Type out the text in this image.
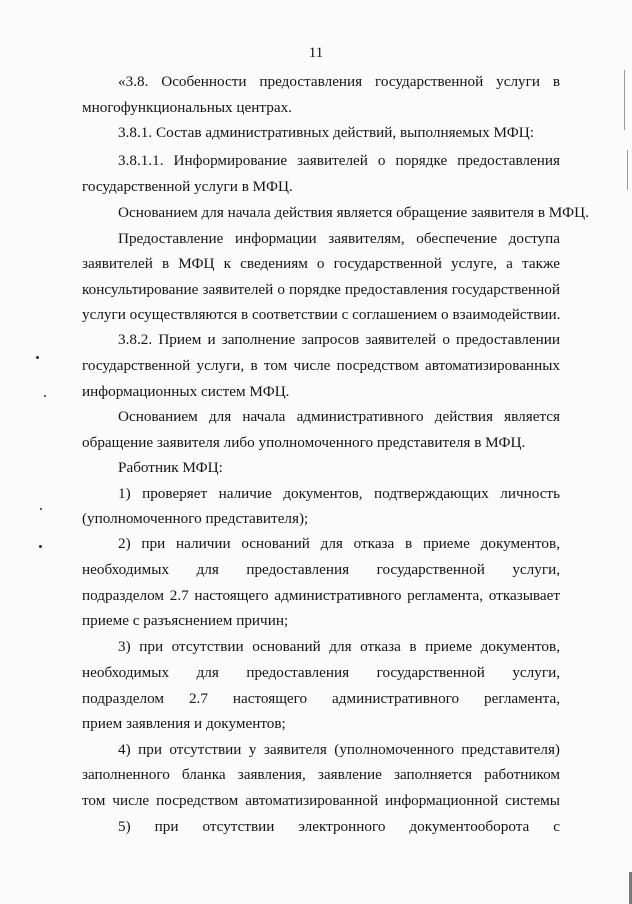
11
«3.8. Особенности предоставления государственной услуги в
многофункциональных центрах.
3.8.1. Состав административных действий, выполняемых МФЦ:
3.8.1.1. Информирование заявителей о порядке предоставления
государственной услуги в МФЦ.
Основанием для начала действия является обращение заявителя в МФЦ.
Предоставление информации заявителям, обеспечение доступа
заявителей в МФЦ к сведениям о государственной услуге, а также
консультирование заявителей о порядке предоставления государственной
услуги осуществляются в соответствии с соглашением о взаимодействии.
3.8.2. Прием и заполнение запросов заявителей о предоставлении
государственной услуги, в том числе посредством автоматизированных
информационных систем МФЦ.
Основанием для начала административного действия является
обращение заявителя либо уполномоченного представителя в МФЦ.
Работник МФЦ:
1) проверяет наличие документов, подтверждающих личность
(уполномоченного представителя);
2) при наличии оснований для отказа в приеме документов,
необходимых для предоставления государственной услуги,
подразделом 2.7 настоящего административного регламента, отказывает
приеме с разъяснением причин;
3) при отсутствии оснований для отказа в приеме документов,
необходимых для предоставления государственной услуги,
подразделом 2.7 настоящего административного регламента,
прием заявления и документов;
4) при отсутствии у заявителя (уполномоченного представителя)
заполненного бланка заявления, заявление заполняется работником
том числе посредством автоматизированной информационной системы
5) при отсутствии электронного документооборота с
